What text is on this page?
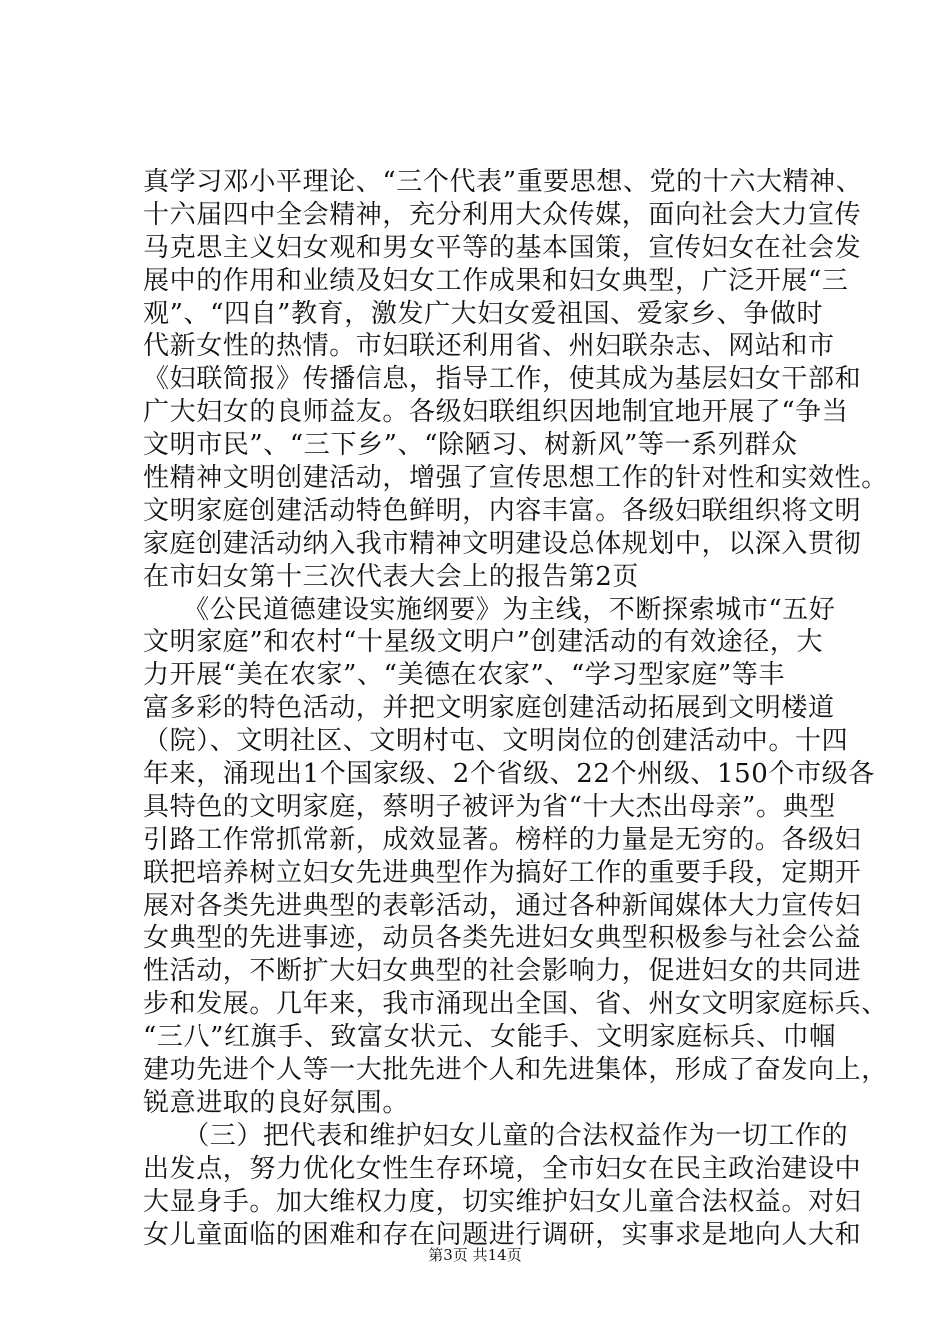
真学习邓小平理论、“三个代表”重要思想、党的十六大精神、
十六届四中全会精神，充分利用大众传媒，面向社会大力宣传
马克思主义妇女观和男女平等的基本国策，宣传妇女在社会发
展中的作用和业绩及妇女工作成果和妇女典型，广泛开展“三
观”、“四自”教育，激发广大妇女爱祖国、爱家乡、争做时
代新女性的热情。市妇联还利用省、州妇联杂志、网站和市
《妇联简报》传播信息，指导工作，使其成为基层妇女干部和
广大妇女的良师益友。各级妇联组织因地制宜地开展了“争当
文明市民”、“三下乡”、“除陋习、树新风”等一系列群众
性精神文明创建活动，增强了宣传思想工作的针对性和实效性。
文明家庭创建活动特色鲜明，内容丰富。各级妇联组织将文明
家庭创建活动纳入我市精神文明建设总体规划中，以深入贯彻
在市妇女第十三次代表大会上的报告第2页
　　《公民道德建设实施纲要》为主线，不断探索城市“五好
文明家庭”和农村“十星级文明户”创建活动的有效途径，大
力开展“美在农家”、“美德在农家”、“学习型家庭”等丰
富多彩的特色活动，并把文明家庭创建活动拓展到文明楼道
（院）、文明社区、文明村屯、文明岗位的创建活动中。十四
年来，涌现出1个国家级、2个省级、22个州级、150个市级各
具特色的文明家庭，蔡明子被评为省“十大杰出母亲”。典型
引路工作常抓常新，成效显著。榜样的力量是无穷的。各级妇
联把培养树立妇女先进典型作为搞好工作的重要手段，定期开
展对各类先进典型的表彰活动，通过各种新闻媒体大力宣传妇
女典型的先进事迹，动员各类先进妇女典型积极参与社会公益
性活动，不断扩大妇女典型的社会影响力，促进妇女的共同进
步和发展。几年来，我市涌现出全国、省、州女文明家庭标兵、
“三八”红旗手、致富女状元、女能手、文明家庭标兵、巾帼
建功先进个人等一大批先进个人和先进集体，形成了奋发向上，
锐意进取的良好氛围。
　　（三）把代表和维护妇女儿童的合法权益作为一切工作的
出发点，努力优化女性生存环境，全市妇女在民主政治建设中
大显身手。加大维权力度，切实维护妇女儿童合法权益。对妇
女儿童面临的困难和存在问题进行调研，实事求是地向人大和
第3页 共14页
